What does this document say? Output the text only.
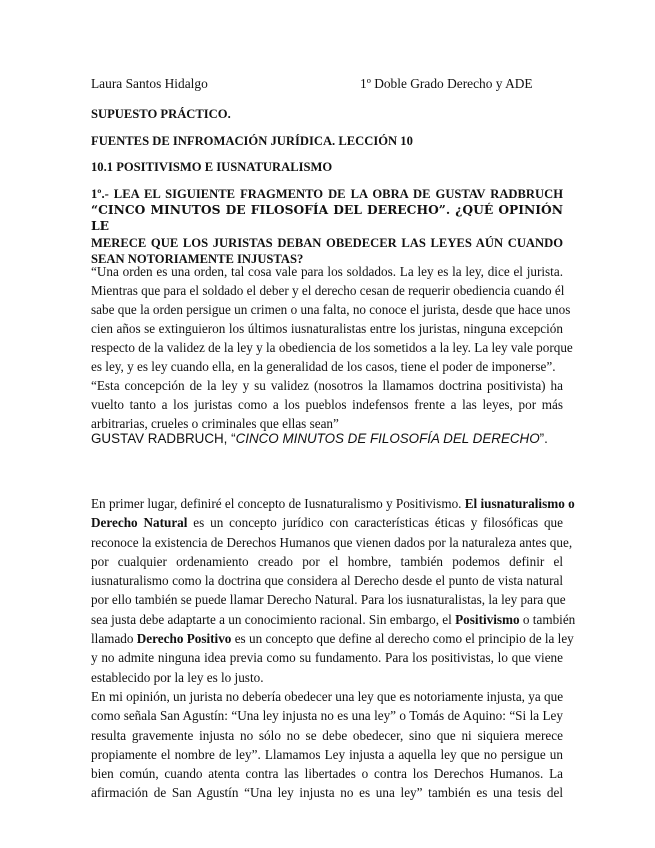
Laura Santos Hidalgo	1º Doble Grado Derecho y ADE
SUPUESTO PRÁCTICO.
FUENTES DE INFROMACIÓN JURÍDICA. LECCIÓN 10
10.1 POSITIVISMO E IUSNATURALISMO
1º.- LEA EL SIGUIENTE FRAGMENTO DE LA OBRA DE GUSTAV RADBRUCH
“CINCO MINUTOS DE FILOSOFÍA DEL DERECHO”. ¿QUÉ OPINIÓN LE
MERECE QUE LOS JURISTAS DEBAN OBEDECER LAS LEYES AÚN CUANDO
SEAN NOTORIAMENTE INJUSTAS?
“Una orden es una orden, tal cosa vale para los soldados. La ley es la ley, dice el jurista.
Mientras que para el soldado el deber y el derecho cesan de requerir obediencia cuando él
sabe que la orden persigue un crimen o una falta, no conoce el jurista, desde que hace unos
cien años se extinguieron los últimos iusnaturalistas entre los juristas, ninguna excepción
respecto de la validez de la ley y la obediencia de los sometidos a la ley. La ley vale porque
es ley, y es ley cuando ella, en la generalidad de los casos, tiene el poder de imponerse”.
“Esta concepción de la ley y su validez (nosotros la llamamos doctrina positivista) ha
vuelto tanto a los juristas como a los pueblos indefensos frente a las leyes, por más
arbitrarias, crueles o criminales que ellas sean”
GUSTAV RADBRUCH, “CINCO MINUTOS DE FILOSOFÍA DEL DERECHO”.
En primer lugar, definiré el concepto de Iusnaturalismo y Positivismo. El iusnaturalismo o
Derecho Natural es un concepto jurídico con características éticas y filosóficas que
reconoce la existencia de Derechos Humanos que vienen dados por la naturaleza antes que,
por cualquier ordenamiento creado por el hombre, también podemos definir el
iusnaturalismo como la doctrina que considera al Derecho desde el punto de vista natural
por ello también se puede llamar Derecho Natural. Para los iusnaturalistas, la ley para que
sea justa debe adaptarte a un conocimiento racional. Sin embargo, el Positivismo o también
llamado Derecho Positivo es un concepto que define al derecho como el principio de la ley
y no admite ninguna idea previa como su fundamento. Para los positivistas, lo que viene
establecido por la ley es lo justo.
En mi opinión, un jurista no debería obedecer una ley que es notoriamente injusta, ya que
como señala San Agustín: “Una ley injusta no es una ley” o Tomás de Aquino: “Si la Ley
resulta gravemente injusta no sólo no se debe obedecer, sino que ni siquiera merece
propiamente el nombre de ley”. Llamamos Ley injusta a aquella ley que no persigue un
bien común, cuando atenta contra las libertades o contra los Derechos Humanos. La
afirmación de San Agustín “Una ley injusta no es una ley” también es una tesis del
